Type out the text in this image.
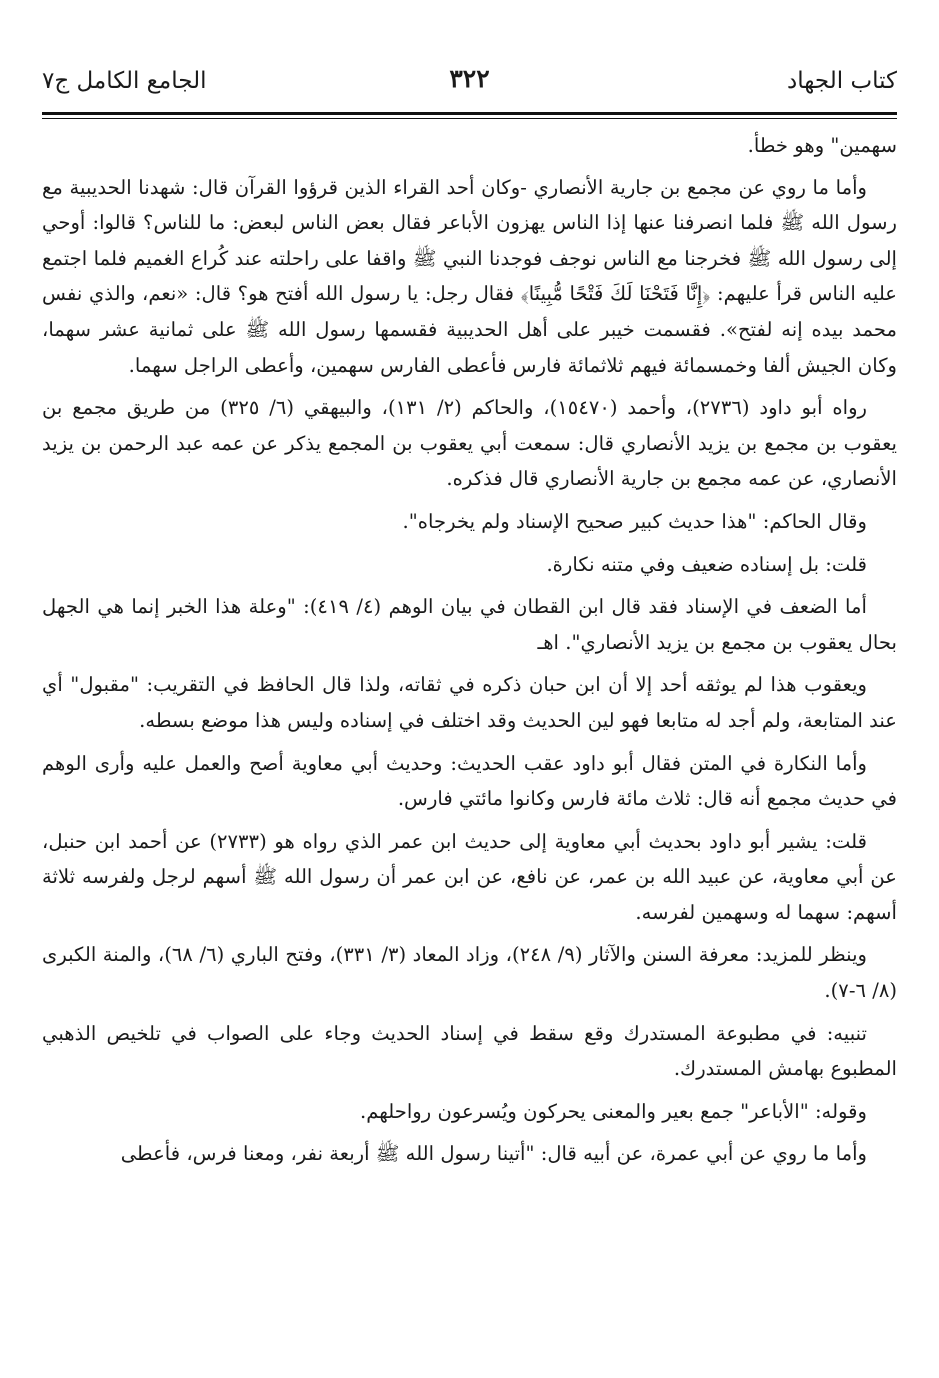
كتاب الجهاد
٣٢٢
الجامع الكامل ج٧

سهمين" وهو خطأ.

وأما ما روي عن مجمع بن جارية الأنصاري -وكان أحد القراء الذين قرؤوا القرآن قال: شهدنا الحديبية مع رسول الله ﷺ فلما انصرفنا عنها إذا الناس يهزون الأباعر فقال بعض الناس لبعض: ما للناس؟ قالوا: أوحي إلى رسول الله ﷺ فخرجنا مع الناس نوجف فوجدنا النبي ﷺ واقفا على راحلته عند كُراع الغميم فلما اجتمع عليه الناس قرأ عليهم: ﴿إِنَّا فَتَحْنَا لَكَ فَتْحًا مُّبِينًا﴾ فقال رجل: يا رسول الله أفتح هو؟ قال: «نعم، والذي نفس محمد بيده إنه لفتح». فقسمت خيبر على أهل الحديبية فقسمها رسول الله ﷺ على ثمانية عشر سهما، وكان الجيش ألفا وخمسمائة فيهم ثلاثمائة فارس فأعطى الفارس سهمين، وأعطى الراجل سهما.

رواه أبو داود (٢٧٣٦)، وأحمد (١٥٤٧٠)، والحاكم (٢/ ١٣١)، والبيهقي (٦/ ٣٢٥) من طريق مجمع بن يعقوب بن مجمع بن يزيد الأنصاري قال: سمعت أبي يعقوب بن المجمع يذكر عن عمه عبد الرحمن بن يزيد الأنصاري، عن عمه مجمع بن جارية الأنصاري قال فذكره.

وقال الحاكم: "هذا حديث كبير صحيح الإسناد ولم يخرجاه".

قلت: بل إسناده ضعيف وفي متنه نكارة.

أما الضعف في الإسناد فقد قال ابن القطان في بيان الوهم (٤/ ٤١٩): "وعلة هذا الخبر إنما هي الجهل بحال يعقوب بن مجمع بن يزيد الأنصاري". اهـ

ويعقوب هذا لم يوثقه أحد إلا أن ابن حبان ذكره في ثقاته، ولذا قال الحافظ في التقريب: "مقبول" أي عند المتابعة، ولم أجد له متابعا فهو لين الحديث وقد اختلف في إسناده وليس هذا موضع بسطه.

وأما النكارة في المتن فقال أبو داود عقب الحديث: وحديث أبي معاوية أصح والعمل عليه وأرى الوهم في حديث مجمع أنه قال: ثلاث مائة فارس وكانوا مائتي فارس.

قلت: يشير أبو داود بحديث أبي معاوية إلى حديث ابن عمر الذي رواه هو (٢٧٣٣) عن أحمد ابن حنبل، عن أبي معاوية، عن عبيد الله بن عمر، عن نافع، عن ابن عمر أن رسول الله ﷺ أسهم لرجل ولفرسه ثلاثة أسهم: سهما له وسهمين لفرسه.

وينظر للمزيد: معرفة السنن والآثار (٩/ ٢٤٨)، وزاد المعاد (٣/ ٣٣١)، وفتح الباري (٦/ ٦٨)، والمنة الكبرى (٨/ ٦-٧).

تنبيه: في مطبوعة المستدرك وقع سقط في إسناد الحديث وجاء على الصواب في تلخيص الذهبي المطبوع بهامش المستدرك.

وقوله: "الأباعر" جمع بعير والمعنى يحركون ويُسرعون رواحلهم.

وأما ما روي عن أبي عمرة، عن أبيه قال: "أتينا رسول الله ﷺ أربعة نفر، ومعنا فرس، فأعطى
